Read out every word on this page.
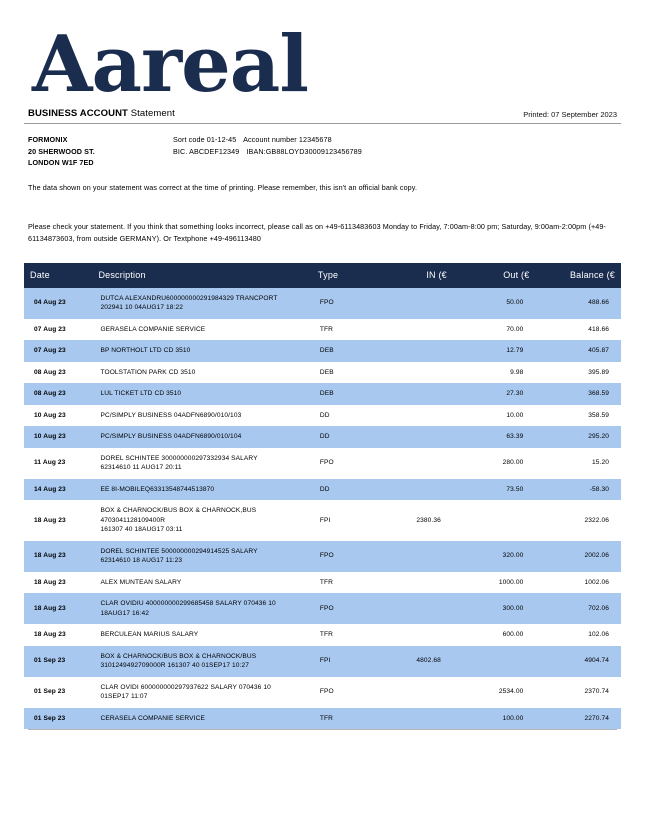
Aareal
BUSINESS ACCOUNT Statement	Printed: 07 September 2023
FORMONIX
20 SHERWOOD ST.
LONDON W1F 7ED
Sort code 01-12-45 Account number 12345678
BIC. ABCDEF12349 IBAN:GB88LOYD30009123456789
The data shown on your statement was correct at the time of printing. Please remember, this isn't an official bank copy.
Please check your statement. If you think that something looks incorrect, please call as on +49-6113483603 Monday to Friday, 7:00am-8:00 pm; Saturday, 9:00am-2:00pm (+49-61134873603, from outside GERMANY). Or Textphone +49-496113480
Date	Description	Type	IN (€	Out (€	Balance (€
04 Aug 23	DUTCA ALEXANDRU600000000291984329 TRANCPORT
202941 10 04AUG17 18:22	FPO		50.00	488.66
07 Aug 23	GERASELA COMPANIE SERVICE	TFR		70.00	418.66
07 Aug 23	BP NORTHOLT LTD CD 3510	DEB		12.79	405.87
08 Aug 23	TOOLSTATION PARK CD 3510	DEB		9.98	395.89
08 Aug 23	LUL TICKET LTD CD 3510	DEB		27.30	368.59
10 Aug 23	PC/SIMPLY BUSINESS 04ADFN6890/010/103	DD		10.00	358.59
10 Aug 23	PC/SIMPLY BUSINESS 04ADFN6890/010/104	DD		63.39	295.20
11 Aug 23	DOREL SCHINTEE 300000000297332934 SALARY
62314610 11 AUG17 20:11	FPO		280.00	15.20
14 Aug 23	EE 8I-MOBILEQ63313548744513870	DD		73.50	-58.30
18 Aug 23	BOX & CHARNOCK/BUS BOX & CHARNOCK,BUS 4703041128109400R
161307 40 18AUG17 03:11	FPI	2380.36		2322.06
18 Aug 23	DOREL SCHINTEE 500000000294914525 SALARY
62314610 18 AUG17 11:23	FPO		320.00	2002.06
18 Aug 23	ALEX MUNTEAN SALARY	TFR		1000.00	1002.06
18 Aug 23	CLAR OVIDIU 400000000299685458 SALARY 070436 10
18AUG17 16:42	FPO		300.00	702.06
18 Aug 23	BERCULEAN MARIUS SALARY	TFR		600.00	102.06
01 Sep 23	BOX & CHARNOCK/BUS BOX & CHARNOCK/BUS
3101249492709000R 161307 40 01SEP17 10:27	FPI	4802.68		4904.74
01 Sep 23	CLAR OVIDI 600000000297937622 SALARY 070436 10
01SEP17 11:07	FPO		2534.00	2370.74
01 Sep 23	CERASELA COMPANIE SERVICE	TFR		100.00	2270.74
